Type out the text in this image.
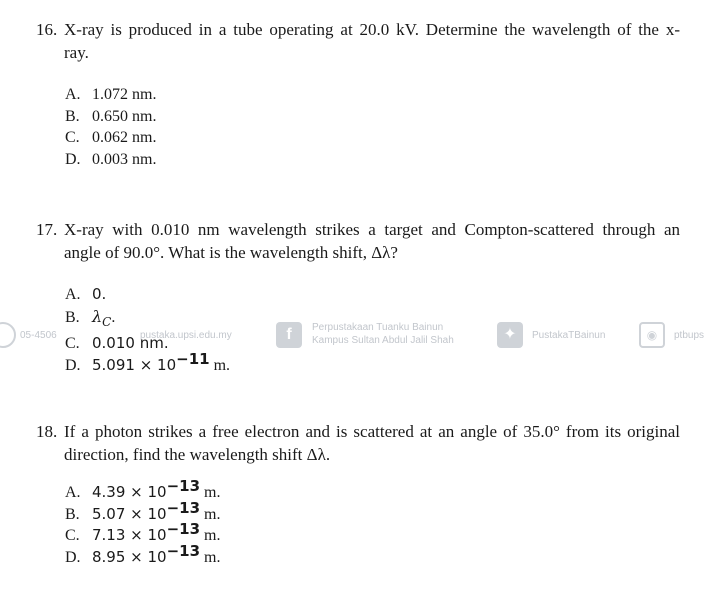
05-4506	pustaka.upsi.edu.my	f	Perpustakaan Tuanku Bainun
Kampus Sultan Abdul Jalil Shah	✦	PustakaTBainun	◉	ptbups
16. X-ray is produced in a tube operating at 20.0 kV. Determine the wavelength of the x-
ray.
A. 1.072 nm.
B. 0.650 nm.
C. 0.062 nm.
D. 0.003 nm.
17. X-ray with 0.010 nm wavelength strikes a target and Compton-scattered through an
angle of 90.0°. What is the wavelength shift, Δλ?
A. 0.
B. $\lambda_C$.
C. 0.010 nm.
D. $5.091 \times 10^{-11}$ m.
18. If a photon strikes a free electron and is scattered at an angle of 35.0° from its original
direction, find the wavelength shift Δλ.
A. $4.39 \times 10^{-13}$ m.
B. $5.07 \times 10^{-13}$ m.
C. $7.13 \times 10^{-13}$ m.
D. $8.95 \times 10^{-13}$ m.
